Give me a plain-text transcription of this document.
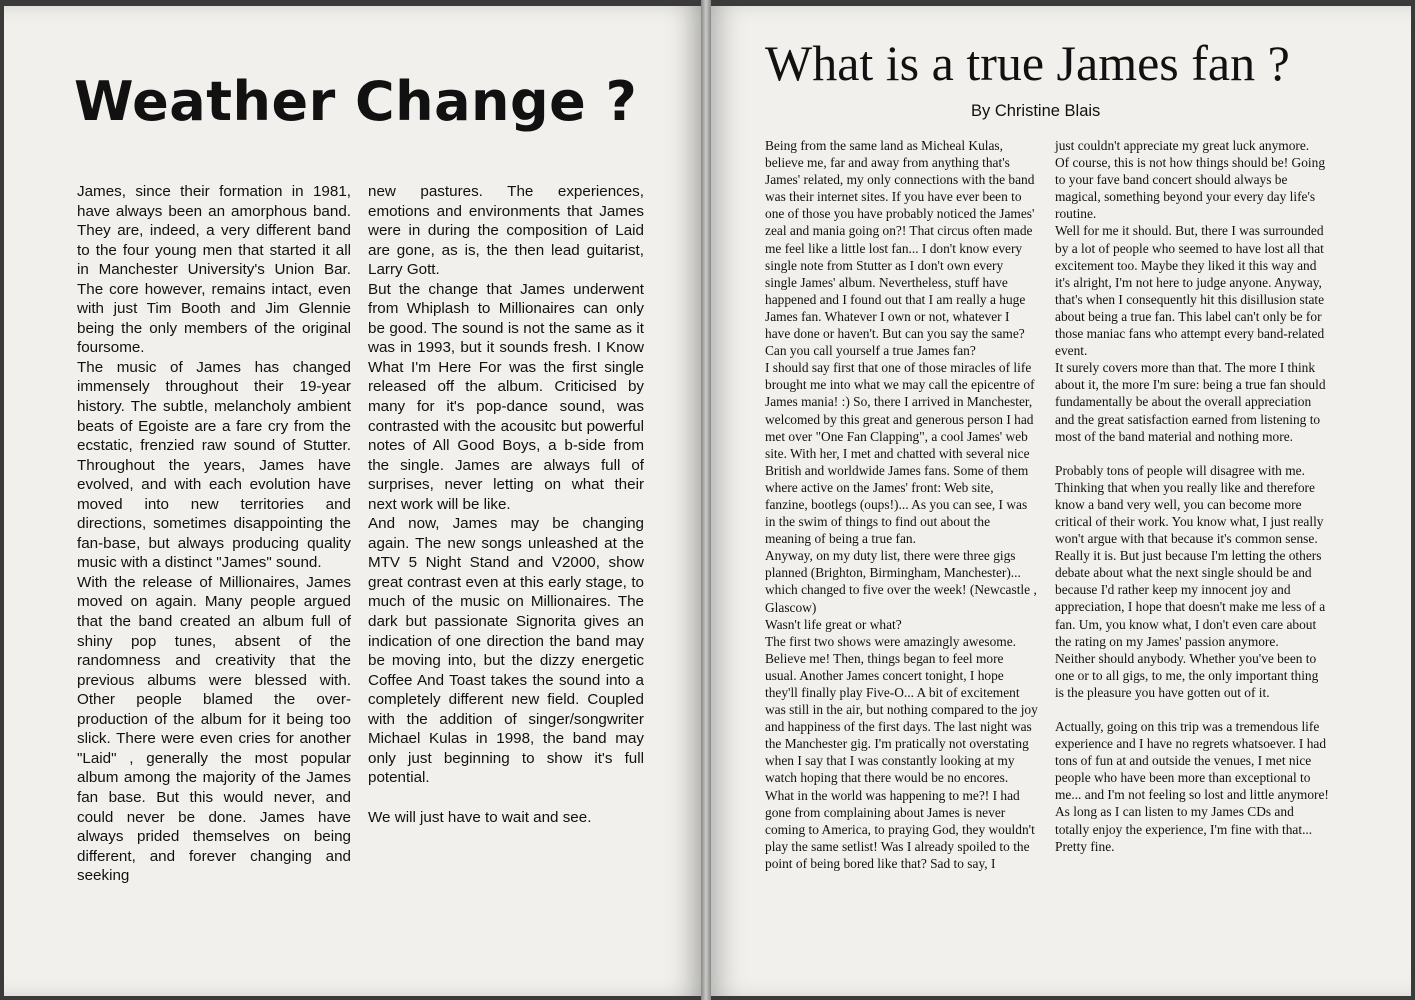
Weather Change ?

James, since their formation in 1981, have always been an amorphous band. They are, indeed, a very different band to the four young men that started it all in Manchester University's Union Bar. The core however, remains intact, even with just Tim Booth and Jim Glennie being the only members of the original foursome.

The music of James has changed immensely throughout their 19-year history. The subtle, melancholy ambient beats of Egoiste are a fare cry from the ecstatic, frenzied raw sound of Stutter. Throughout the years, James have evolved, and with each evolution have moved into new territories and directions, sometimes disappointing the fan-base, but always producing quality music with a distinct "James" sound.

With the release of Millionaires, James moved on again. Many people argued that the band created an album full of shiny pop tunes, absent of the randomness and creativity that the previous albums were blessed with. Other people blamed the over-production of the album for it being too slick. There were even cries for another "Laid" , generally the most popular album among the majority of the James fan base. But this would never, and could never be done. James have always prided themselves on being different, and forever changing and seeking

new pastures. The experiences, emotions and environments that James were in during the composition of Laid are gone, as is, the then lead guitarist, Larry Gott.

But the change that James underwent from Whiplash to Millionaires can only be good. The sound is not the same as it was in 1993, but it sounds fresh. I Know What I'm Here For was the first single released off the album. Criticised by many for it's pop-dance sound, was contrasted with the acousitc but powerful notes of All Good Boys, a b-side from the single. James are always full of surprises, never letting on what their next work will be like.

And now, James may be changing again. The new songs unleashed at the MTV 5 Night Stand and V2000, show great contrast even at this early stage, to much of the music on Millionaires. The dark but passionate Signorita gives an indication of one direction the band may be moving into, but the dizzy energetic Coffee And Toast takes the sound into a completely different new field. Coupled with the addition of singer/songwriter Michael Kulas in 1998, the band may only just beginning to show it's full potential.

We will just have to wait and see.

What is a true James fan ?
By Christine Blais

Being from the same land as Micheal Kulas, believe me, far and away from anything that's James' related, my only connections with the band was their internet sites. If you have ever been to one of those you have probably noticed the James' zeal and mania going on?! That circus often made me feel like a little lost fan... I don't know every single note from Stutter as I don't own every single James' album. Nevertheless, stuff have happened and I found out that I am really a huge James fan. Whatever I own or not, whatever I have done or haven't. But can you say the same? Can you call yourself a true James fan?

I should say first that one of those miracles of life brought me into what we may call the epicentre of James mania! :) So, there I arrived in Manchester, welcomed by this great and generous person I had met over "One Fan Clapping", a cool James' web site. With her, I met and chatted with several nice British and worldwide James fans. Some of them where active on the James' front: Web site, fanzine, bootlegs (oups!)... As you can see, I was in the swim of things to find out about the meaning of being a true fan.

Anyway, on my duty list, there were three gigs planned (Brighton, Birmingham, Manchester)... which changed to five over the week! (Newcastle , Glascow)

Wasn't life great or what?

The first two shows were amazingly awesome. Believe me! Then, things began to feel more usual. Another James concert tonight, I hope they'll finally play Five-O... A bit of excitement was still in the air, but nothing compared to the joy and happiness of the first days. The last night was the Manchester gig. I'm pratically not overstating when I say that I was constantly looking at my watch hoping that there would be no encores. What in the world was happening to me?! I had gone from complaining about James is never coming to America, to praying God, they wouldn't play the same setlist! Was I already spoiled to the point of being bored like that? Sad to say, I

just couldn't appreciate my great luck anymore.

Of course, this is not how things should be! Going to your fave band concert should always be magical, something beyond your every day life's routine.

Well for me it should. But, there I was surrounded by a lot of people who seemed to have lost all that excitement too. Maybe they liked it this way and it's alright, I'm not here to judge anyone. Anyway, that's when I consequently hit this disillusion state about being a true fan. This label can't only be for those maniac fans who attempt every band-related event.

It surely covers more than that. The more I think about it, the more I'm sure: being a true fan should fundamentally be about the overall appreciation and the great satisfaction earned from listening to most of the band material and nothing more.

Probably tons of people will disagree with me. Thinking that when you really like and therefore know a band very well, you can become more critical of their work. You know what, I just really won't argue with that because it's common sense. Really it is. But just because I'm letting the others debate about what the next single should be and because I'd rather keep my innocent joy and appreciation, I hope that doesn't make me less of a fan. Um, you know what, I don't even care about the rating on my James' passion anymore.

Neither should anybody. Whether you've been to one or to all gigs, to me, the only important thing is the pleasure you have gotten out of it.

Actually, going on this trip was a tremendous life experience and I have no regrets whatsoever. I had tons of fun at and outside the venues, I met nice people who have been more than exceptional to me... and I'm not feeling so lost and little anymore! As long as I can listen to my James CDs and totally enjoy the experience, I'm fine with that... Pretty fine.
